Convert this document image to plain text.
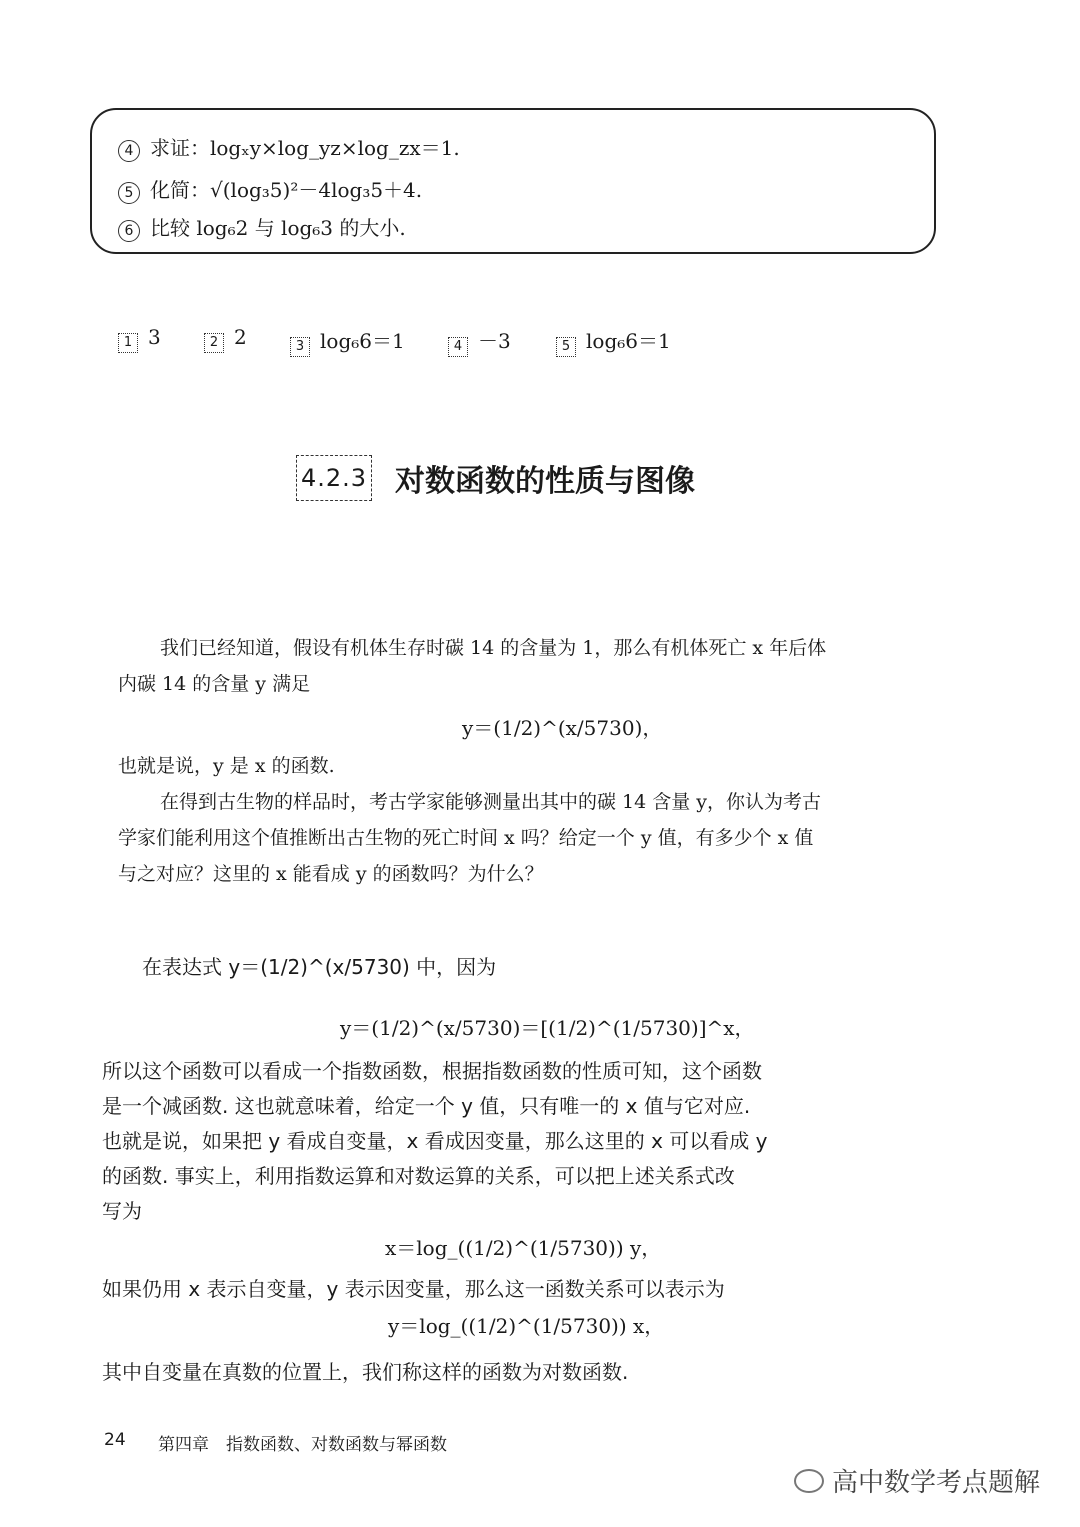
4 求证：logₓy×log_yz×log_zx＝1.
5 化简：√(log₃5)²－4log₃5＋4.
6 比较 log₆2 与 log₆3 的大小.
1 3	2 2	3 log₆6＝1	4 －3	5 log₆6＝1
4.2.3 对数函数的性质与图像
我们已经知道，假设有机体生存时碳 14 的含量为 1，那么有机体死亡 x 年后体
内碳 14 的含量 y 满足
y＝(1/2)^(x/5730)，
也就是说，y 是 x 的函数.
在得到古生物的样品时，考古学家能够测量出其中的碳 14 含量 y，你认为考古
学家们能利用这个值推断出古生物的死亡时间 x 吗？给定一个 y 值，有多少个 x 值
与之对应？这里的 x 能看成 y 的函数吗？为什么？
在表达式 y＝(1/2)^(x/5730) 中，因为
y＝(1/2)^(x/5730)＝[(1/2)^(1/5730)]^x，
所以这个函数可以看成一个指数函数，根据指数函数的性质可知，这个函数
是一个减函数. 这也就意味着，给定一个 y 值，只有唯一的 x 值与它对应.
也就是说，如果把 y 看成自变量，x 看成因变量，那么这里的 x 可以看成 y
的函数. 事实上，利用指数运算和对数运算的关系，可以把上述关系式改
写为
x＝log_((1/2)^(1/5730)) y，
如果仍用 x 表示自变量，y 表示因变量，那么这一函数关系可以表示为
y＝log_((1/2)^(1/5730)) x，
其中自变量在真数的位置上，我们称这样的函数为对数函数.
24 第四章　指数函数、对数函数与幂函数
高中数学考点题解
